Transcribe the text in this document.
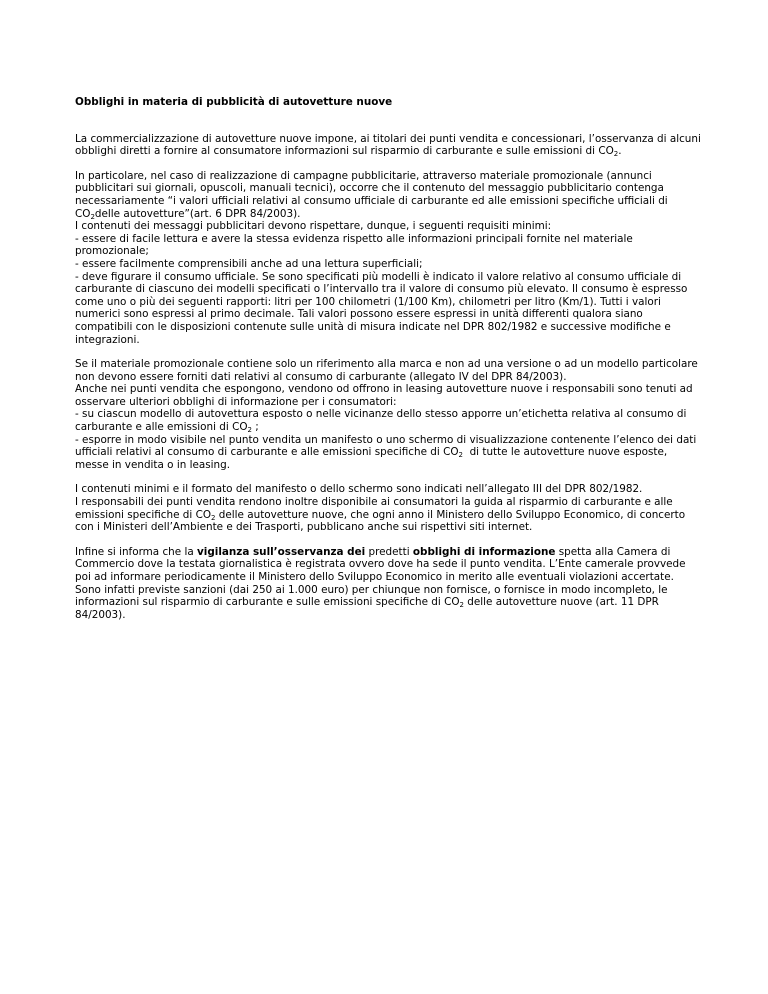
Obblighi in materia di pubblicità di autovetture nuove
La commercializzazione di autovetture nuove impone, ai titolari dei punti vendita e concessionari, l’osservanza di alcuni
obblighi diretti a fornire al consumatore informazioni sul risparmio di carburante e sulle emissioni di $CO_2$.
In particolare, nel caso di realizzazione di campagne pubblicitarie, attraverso materiale promozionale (annunci
pubblicitari sui giornali, opuscoli, manuali tecnici), occorre che il contenuto del messaggio pubblicitario contenga
necessariamente “i valori ufficiali relativi al consumo ufficiale di carburante ed alle emissioni specifiche ufficiali di
$CO_2delle$ autovetture”(art. 6 DPR 84/2003).
I contenuti dei messaggi pubblicitari devono rispettare, dunque, i seguenti requisiti minimi:
- essere di facile lettura e avere la stessa evidenza rispetto alle informazioni principali fornite nel materiale
promozionale;
- essere facilmente comprensibili anche ad una lettura superficiali;
- deve figurare il consumo ufficiale. Se sono specificati più modelli è indicato il valore relativo al consumo ufficiale di
carburante di ciascuno dei modelli specificati o l’intervallo tra il valore di consumo più elevato. Il consumo è espresso
come uno o più dei seguenti rapporti: litri per 100 chilometri (1/100 Km), chilometri per litro (Km/1). Tutti i valori
numerici sono espressi al primo decimale. Tali valori possono essere espressi in unità differenti qualora siano
compatibili con le disposizioni contenute sulle unità di misura indicate nel DPR 802/1982 e successive modifiche e
integrazioni.
Se il materiale promozionale contiene solo un riferimento alla marca e non ad una versione o ad un modello particolare
non devono essere forniti dati relativi al consumo di carburante (allegato IV del DPR 84/2003).
Anche nei punti vendita che espongono, vendono od offrono in leasing autovetture nuove i responsabili sono tenuti ad
osservare ulteriori obblighi di informazione per i consumatori:
- su ciascun modello di autovettura esposto o nelle vicinanze dello stesso apporre un’etichetta relativa al consumo di
carburante e alle emissioni di $CO_2$ ;
- esporre in modo visibile nel punto vendita un manifesto o uno schermo di visualizzazione contenente l’elenco dei dati
ufficiali relativi al consumo di carburante e alle emissioni specifiche di $CO_2$  di tutte le autovetture nuove esposte,
messe in vendita o in leasing.
I contenuti minimi e il formato del manifesto o dello schermo sono indicati nell’allegato III del DPR 802/1982.
I responsabili dei punti vendita rendono inoltre disponibile ai consumatori la guida al risparmio di carburante e alle
emissioni specifiche di $CO_2$ delle autovetture nuove, che ogni anno il Ministero dello Sviluppo Economico, di concerto
con i Ministeri dell’Ambiente e dei Trasporti, pubblicano anche sui rispettivi siti internet.
Infine si informa che la vigilanza sull’osservanza dei predetti obblighi di informazione spetta alla Camera di
Commercio dove la testata giornalistica è registrata ovvero dove ha sede il punto vendita. L’Ente camerale provvede
poi ad informare periodicamente il Ministero dello Sviluppo Economico in merito alle eventuali violazioni accertate.
Sono infatti previste sanzioni (dai 250 ai 1.000 euro) per chiunque non fornisce, o fornisce in modo incompleto, le
informazioni sul risparmio di carburante e sulle emissioni specifiche di $CO_2$ delle autovetture nuove (art. 11 DPR
84/2003).
